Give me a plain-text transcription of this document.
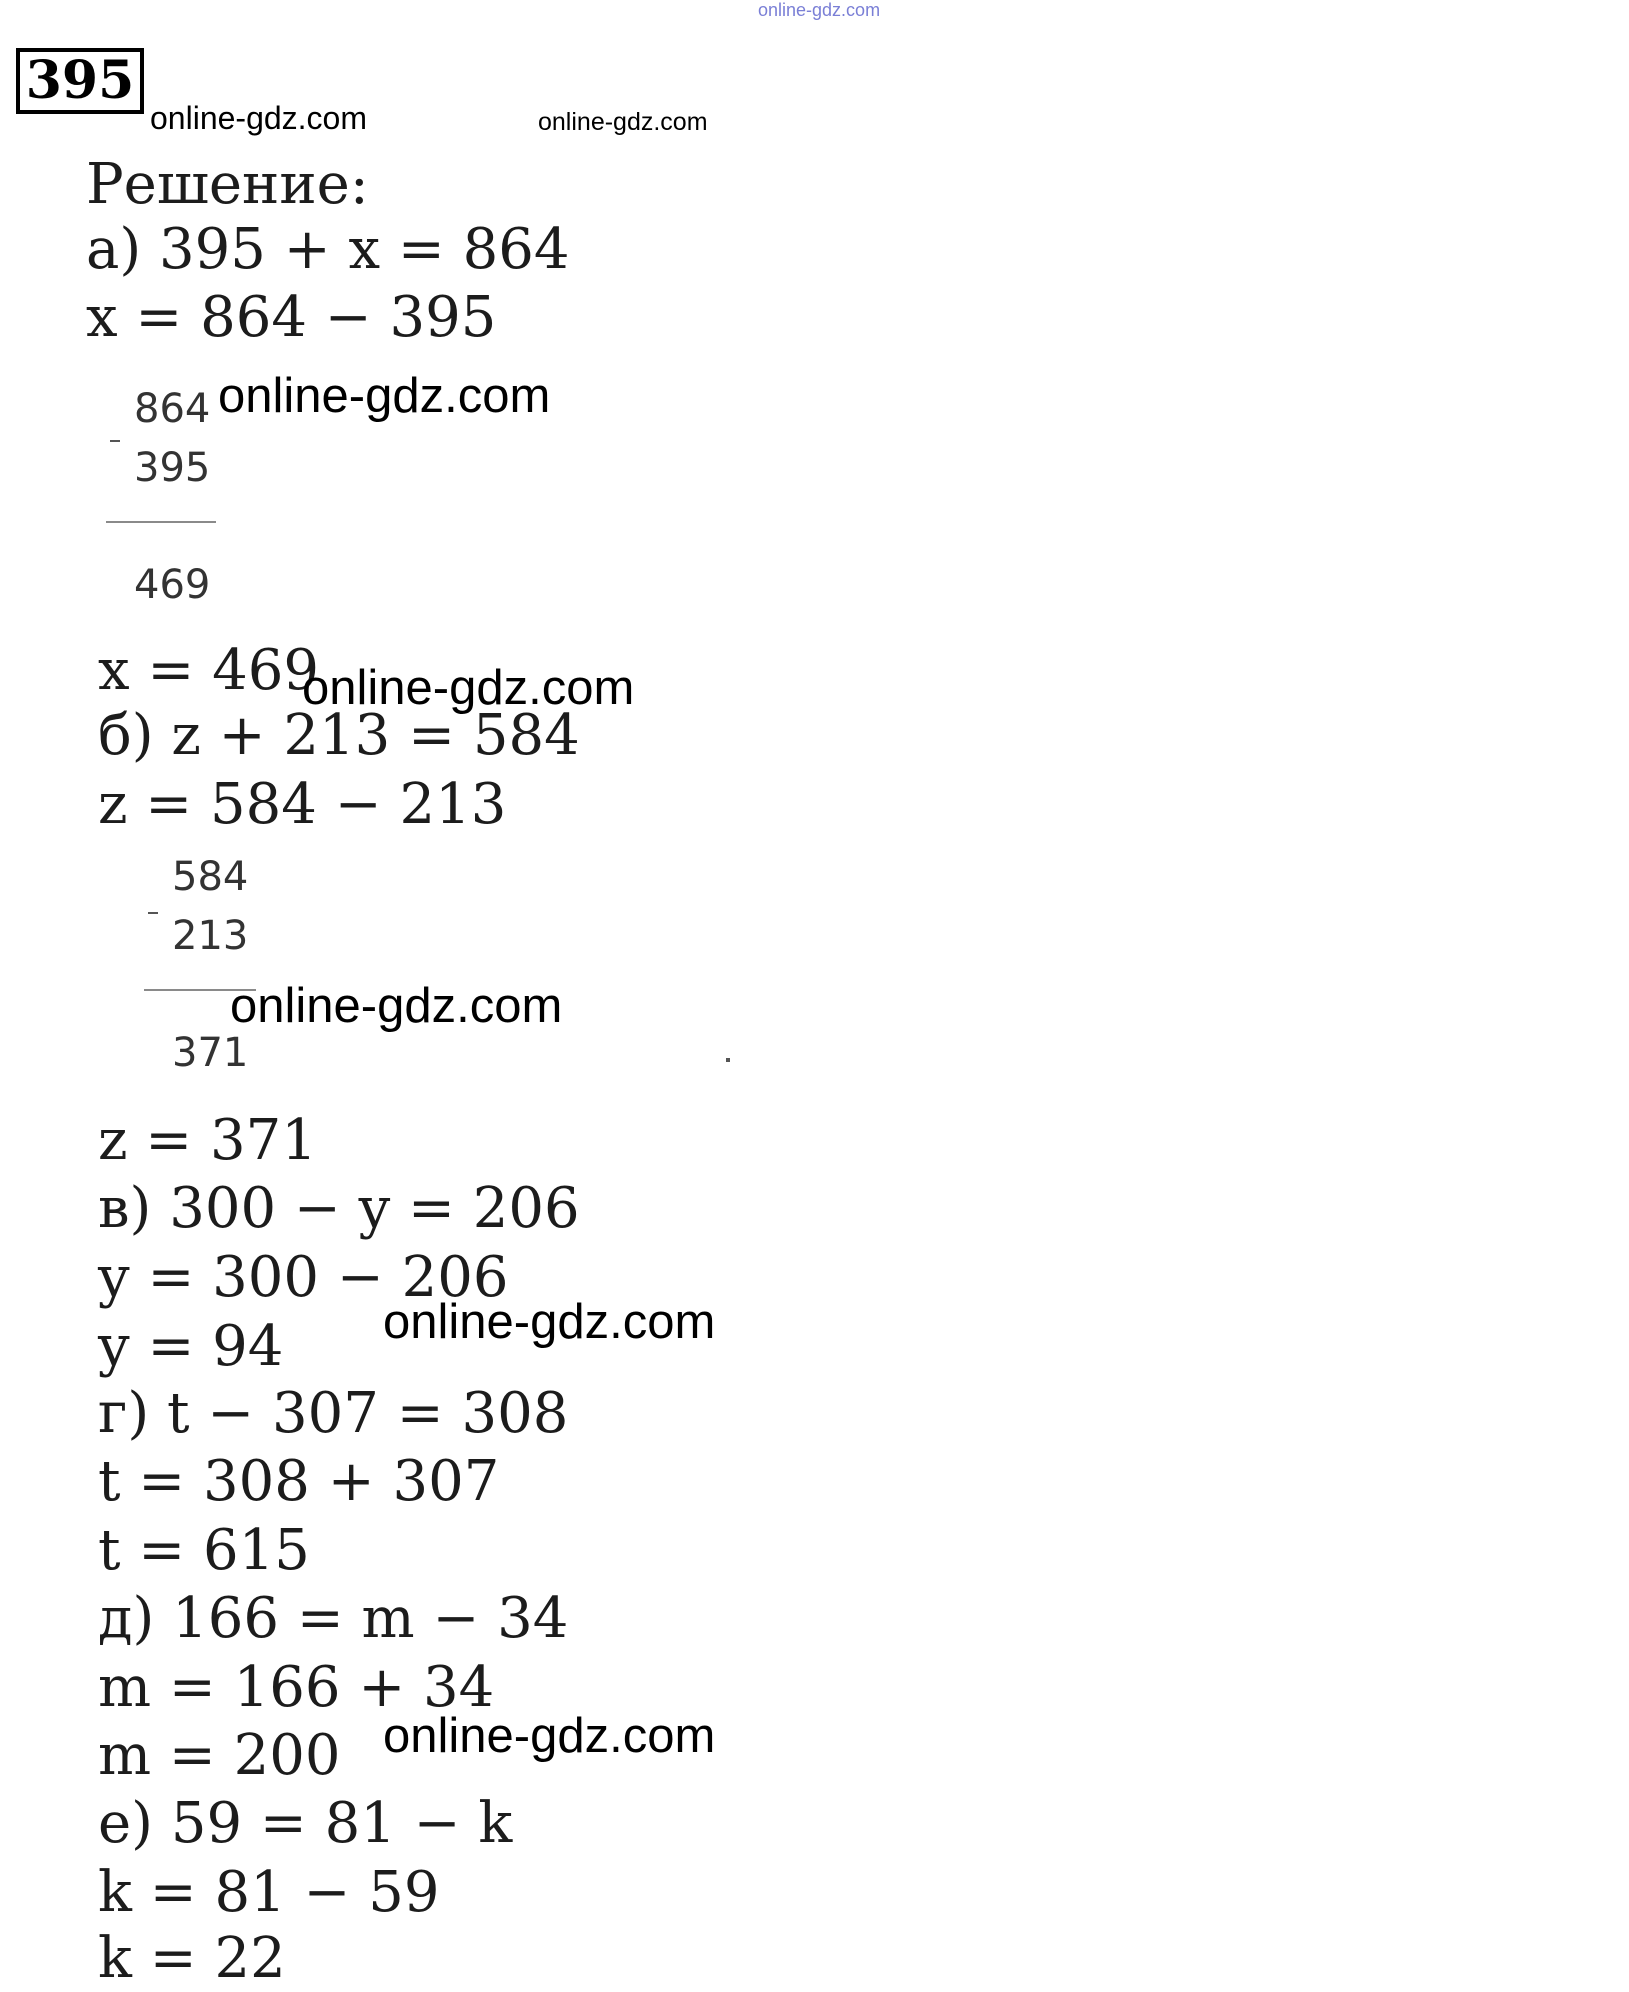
online-gdz.com
online-gdz.com	online-gdz.com
395
Решение:
а) 395 + x = 864
x = 864 − 395
864
395
469
online-gdz.com
x = 469
б) z + 213 = 584
z = 584 − 213
584
213
371
online-gdz.com
online-gdz.com
z = 371
в) 300 − y = 206
y = 300 − 206
y = 94 online-gdz.com
г) t − 307 = 308
t = 308 + 307
t = 615
д) 166 = m − 34
m = 166 + 34
m = 200 online-gdz.com
е) 59 = 81 − k
k = 81 − 59
k = 22
